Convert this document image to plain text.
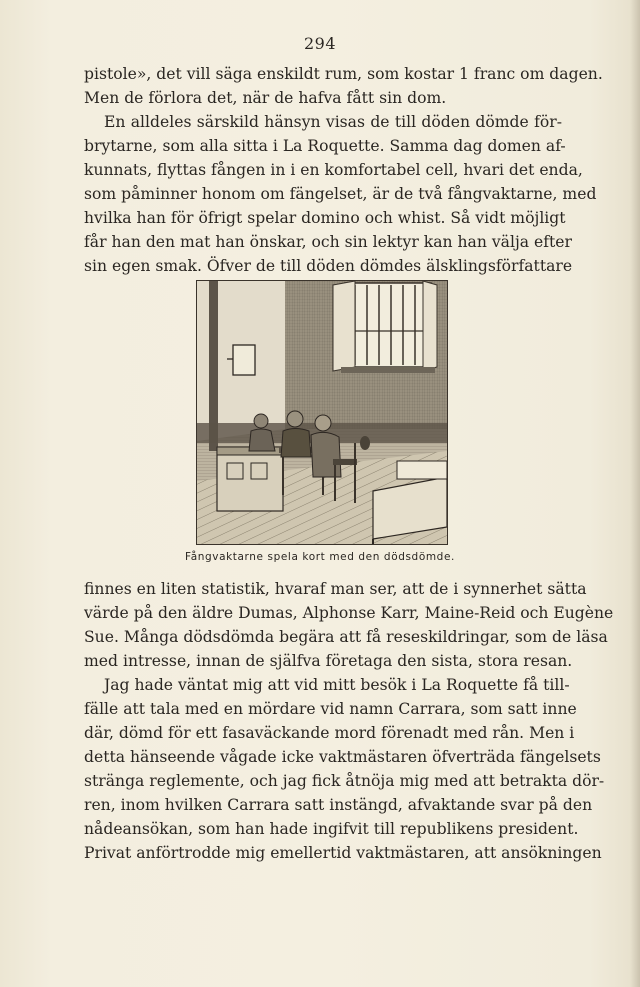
294
pistole», det vill säga enskildt rum, som kostar 1 franc om dagen.
Men de förlora det, när de hafva fått sin dom.
En alldeles särskild hänsyn visas de till döden dömde för-
brytarne, som alla sitta i La Roquette. Samma dag domen af-
kunnats, flyttas fången in i en komfortabel cell, hvari det enda,
som påminner honom om fängelset, är de två fångvaktarne, med
hvilka han för öfrigt spelar domino och whist. Så vidt möjligt
får han den mat han önskar, och sin lektyr kan han välja efter
sin egen smak. Öfver de till döden dömdes älsklingsförfattare
Fångvaktarne spela kort med den dödsdömde.
finnes en liten statistik, hvaraf man ser, att de i synnerhet sätta
värde på den äldre Dumas, Alphonse Karr, Maine-Reid och Eugène
Sue. Många dödsdömda begära att få reseskildringar, som de läsa
med intresse, innan de själfva företaga den sista, stora resan.
Jag hade väntat mig att vid mitt besök i La Roquette få till-
fälle att tala med en mördare vid namn Carrara, som satt inne
där, dömd för ett fasaväckande mord förenadt med rån. Men i
detta hänseende vågade icke vaktmästaren öfverträda fängelsets
stränga reglemente, och jag fick åtnöja mig med att betrakta dör-
ren, inom hvilken Carrara satt instängd, afvaktande svar på den
nådeansökan, som han hade ingifvit till republikens president.
Privat anförtrodde mig emellertid vaktmästaren, att ansökningen
